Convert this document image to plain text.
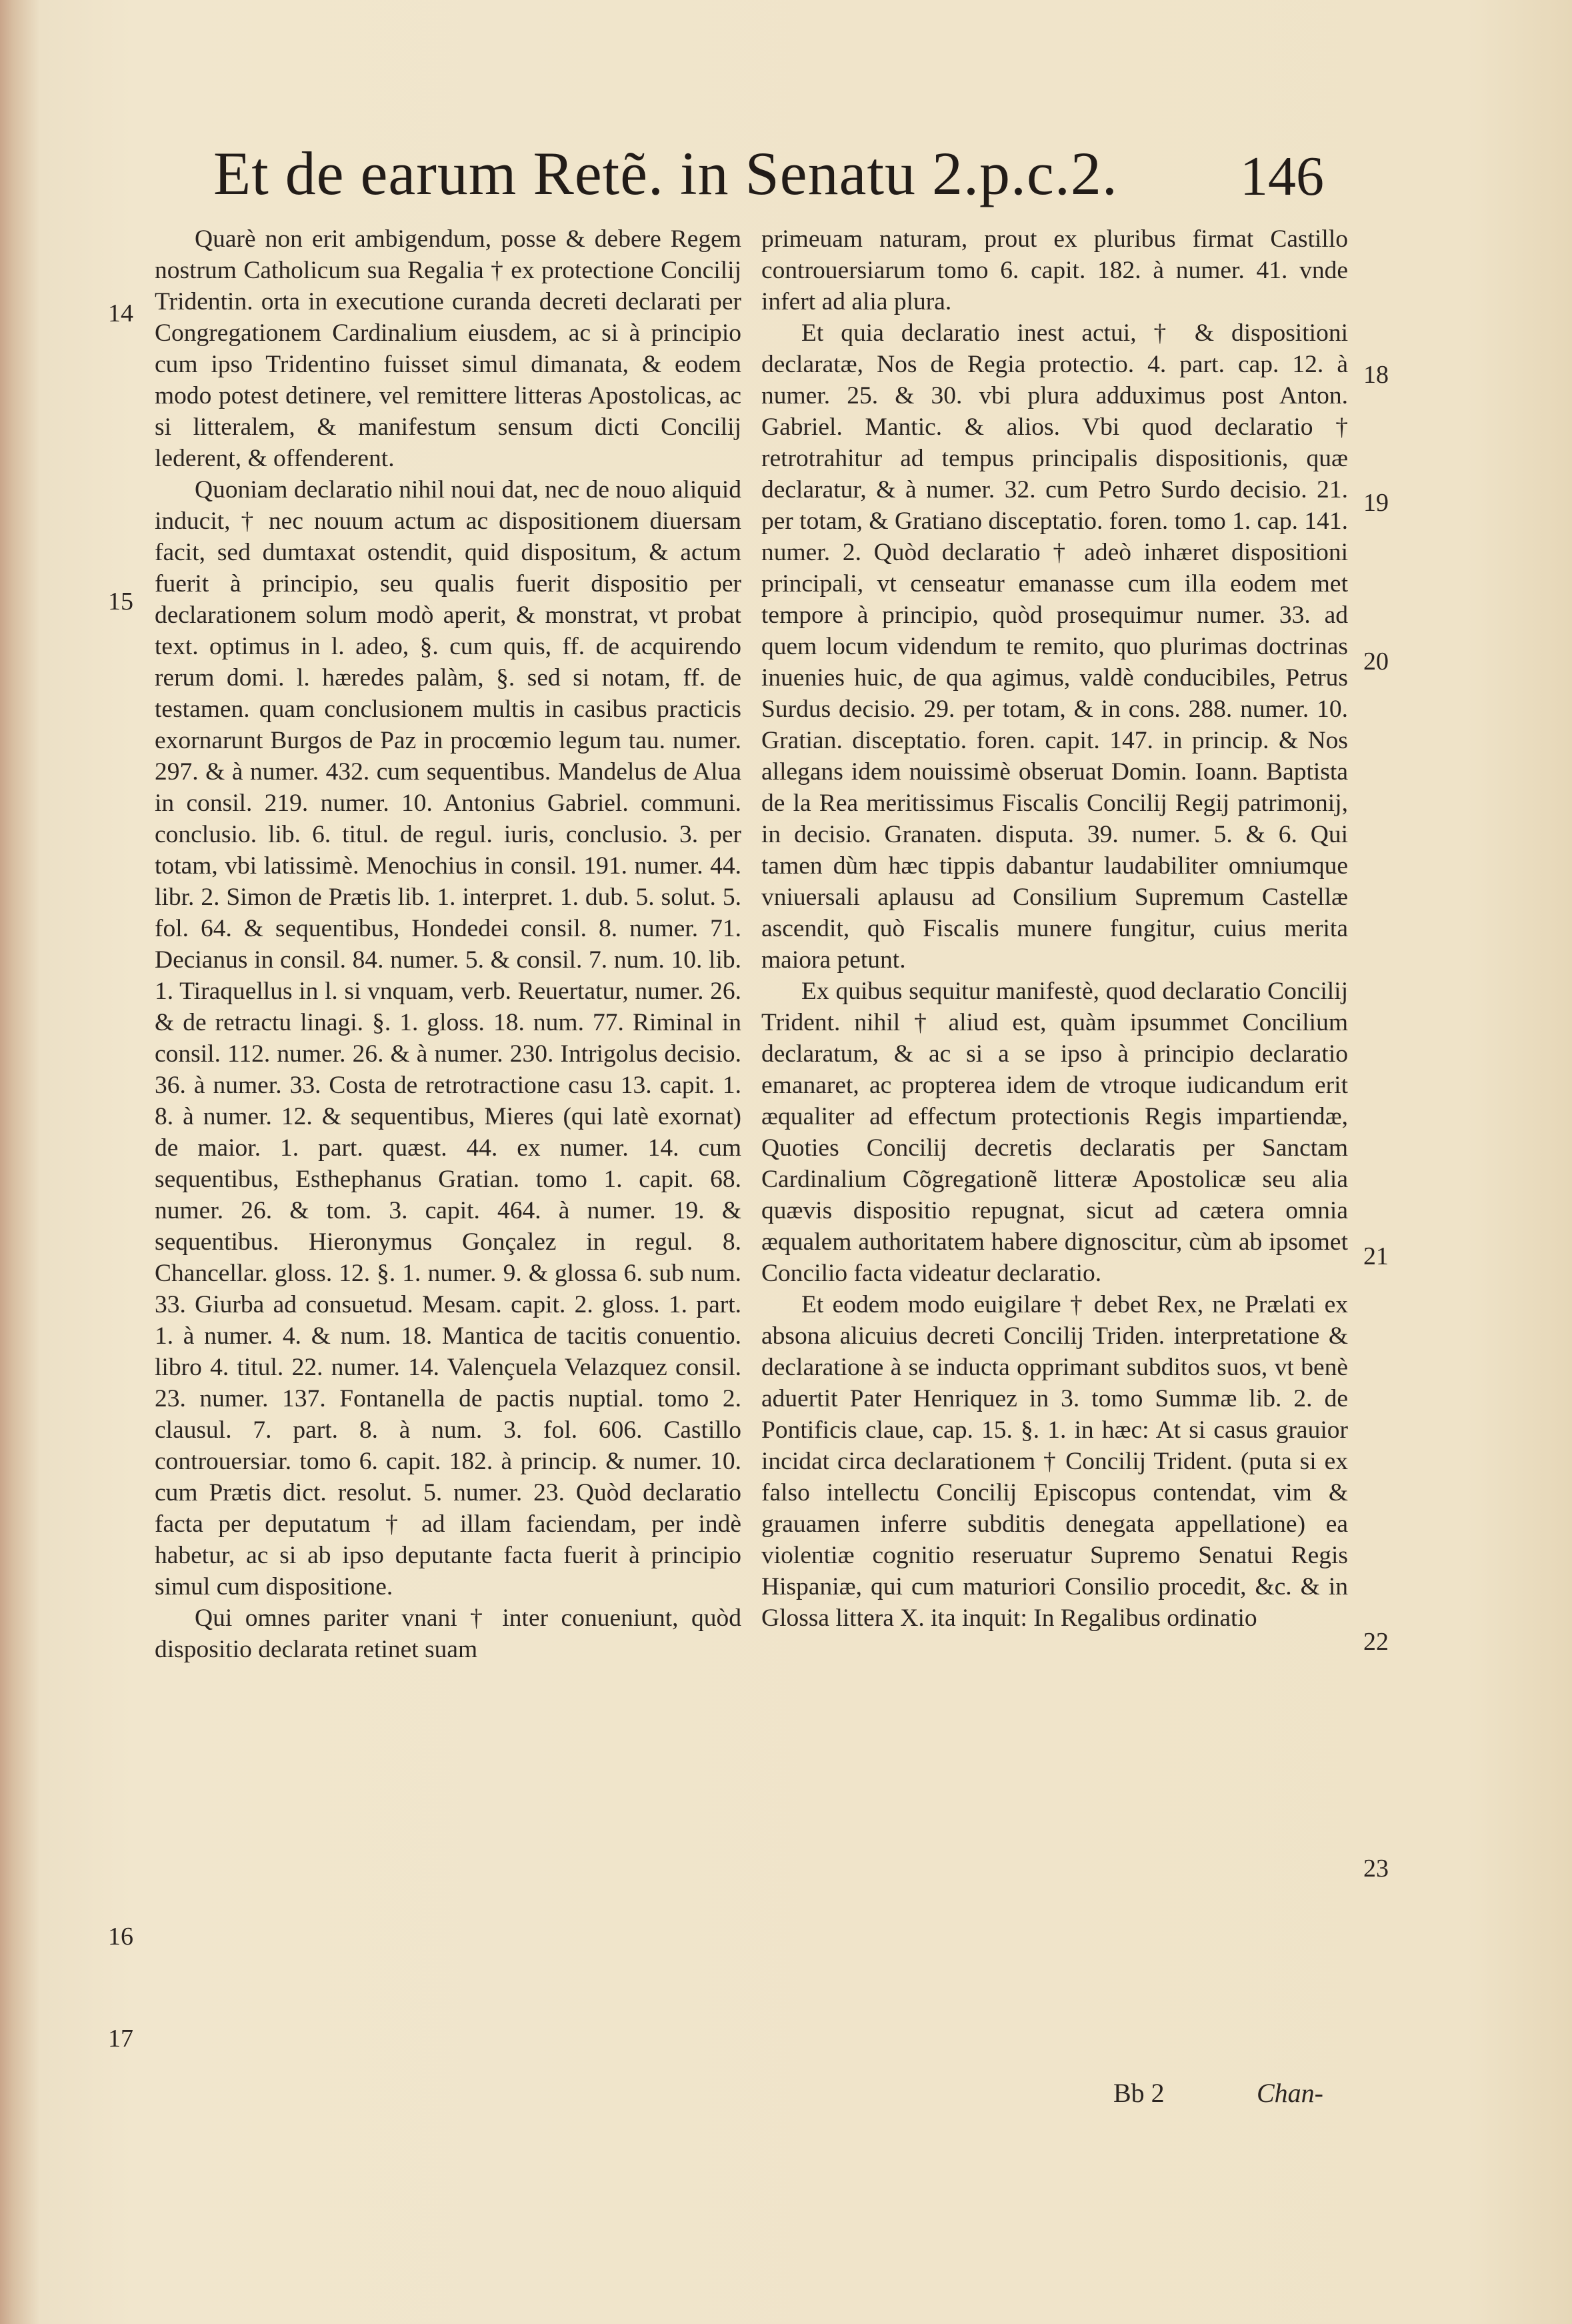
Et de earum Retẽ. in Senatu 2.p.c.2.	146

Quarè non erit ambigendum, posse & debere Regem nostrum Catholicum sua Regalia † ex protectione Concilij Tridentin. orta in executione curanda decreti declarati per Congregationem Cardinalium eiusdem, ac si à principio cum ipso Tridentino fuisset simul dimanata, & eodem modo potest detinere, vel remittere litteras Apostolicas, ac si litteralem, & manifestum sensum dicti Concilij lederent, & offenderent.

Quoniam declaratio nihil noui dat, nec de nouo aliquid inducit, † nec nouum actum ac dispositionem diuersam facit, sed dumtaxat ostendit, quid dispositum, & actum fuerit à principio, seu qualis fuerit dispositio per declarationem solum modò aperit, & monstrat, vt probat text. optimus in l. adeo, §. cum quis, ff. de acquirendo rerum domi. l. hæredes palàm, §. sed si notam, ff. de testamen. quam conclusionem multis in casibus practicis exornarunt Burgos de Paz in procœmio legum tau. numer. 297. & à numer. 432. cum sequentibus. Mandelus de Alua in consil. 219. numer. 10. Antonius Gabriel. communi. conclusio. lib. 6. titul. de regul. iuris, conclusio. 3. per totam, vbi latissimè. Menochius in consil. 191. numer. 44. libr. 2. Simon de Prætis lib. 1. interpret. 1. dub. 5. solut. 5. fol. 64. & sequentibus, Hondedei consil. 8. numer. 71. Decianus in consil. 84. numer. 5. & consil. 7. num. 10. lib. 1. Tiraquellus in l. si vnquam, verb. Reuertatur, numer. 26. & de retractu linagi. §. 1. gloss. 18. num. 77. Riminal in consil. 112. numer. 26. & à numer. 230. Intrigolus decisio. 36. à numer. 33. Costa de retrotractione casu 13. capit. 1. 8. à numer. 12. & sequentibus, Mieres (qui latè exornat) de maior. 1. part. quæst. 44. ex numer. 14. cum sequentibus, Esthephanus Gratian. tomo 1. capit. 68. numer. 26. & tom. 3. capit. 464. à numer. 19. & sequentibus. Hieronymus Gonçalez in regul. 8. Chancellar. gloss. 12. §. 1. numer. 9. & glossa 6. sub num. 33. Giurba ad consuetud. Mesam. capit. 2. gloss. 1. part. 1. à numer. 4. & num. 18. Mantica de tacitis conuentio. libro 4. titul. 22. numer. 14. Valençuela Velazquez consil. 23. numer. 137. Fontanella de pactis nuptial. tomo 2. clausul. 7. part. 8. à num. 3. fol. 606. Castillo controuersiar. tomo 6. capit. 182. à princip. & numer. 10. cum Prætis dict. resolut. 5. numer. 23. Quòd declaratio facta per deputatum † ad illam faciendam, per indè habetur, ac si ab ipso deputante facta fuerit à principio simul cum dispositione.

Qui omnes pariter vnani † inter conueniunt, quòd dispositio declarata retinet suam

primeuam naturam, prout ex pluribus firmat Castillo controuersiarum tomo 6. capit. 182. à numer. 41. vnde infert ad alia plura.

Et quia declaratio inest actui, † & dispositioni declaratæ, Nos de Regia protectio. 4. part. cap. 12. à numer. 25. & 30. vbi plura adduximus post Anton. Gabriel. Mantic. & alios. Vbi quod declaratio † retrotrahitur ad tempus principalis dispositionis, quæ declaratur, & à numer. 32. cum Petro Surdo decisio. 21. per totam, & Gratiano disceptatio. foren. tomo 1. cap. 141. numer. 2. Quòd declaratio † adeò inhæret dispositioni principali, vt censeatur emanasse cum illa eodem met tempore à principio, quòd prosequimur numer. 33. ad quem locum videndum te remito, quo plurimas doctrinas inuenies huic, de qua agimus, valdè conducibiles, Petrus Surdus decisio. 29. per totam, & in cons. 288. numer. 10. Gratian. disceptatio. foren. capit. 147. in princip. & Nos allegans idem nouissimè obseruat Domin. Ioann. Baptista de la Rea meritissimus Fiscalis Concilij Regij patrimonij, in decisio. Granaten. disputa. 39. numer. 5. & 6. Qui tamen dùm hæc tippis dabantur laudabiliter omniumque vniuersali aplausu ad Consilium Supremum Castellæ ascendit, quò Fiscalis munere fungitur, cuius merita maiora petunt.

Ex quibus sequitur manifestè, quod declaratio Concilij Trident. nihil † aliud est, quàm ipsummet Concilium declaratum, & ac si a se ipso à principio declaratio emanaret, ac propterea idem de vtroque iudicandum erit æqualiter ad effectum protectionis Regis impartiendæ, Quoties Concilij decretis declaratis per Sanctam Cardinalium Cõgregationẽ litteræ Apostolicæ seu alia quævis dispositio repugnat, sicut ad cætera omnia æqualem authoritatem habere dignoscitur, cùm ab ipsomet Concilio facta videatur declaratio.

Et eodem modo euigilare † debet Rex, ne Prælati ex absona alicuius decreti Concilij Triden. interpretatione & declaratione à se inducta opprimant subditos suos, vt benè aduertit Pater Henriquez in 3. tomo Summæ lib. 2. de Pontificis claue, cap. 15. §. 1. in hæc: At si casus grauior incidat circa declarationem † Concilij Trident. (puta si ex falso intellectu Concilij Episcopus contendat, vim & grauamen inferre subditis denegata appellatione) ea violentiæ cognitio reseruatur Supremo Senatui Regis Hispaniæ, qui cum maturiori Consilio procedit, &c. & in Glossa littera X. ita inquit: In Regalibus ordinatio

14
15
16
17
18
19
20
21
22
23
Bb 2	Chan-
